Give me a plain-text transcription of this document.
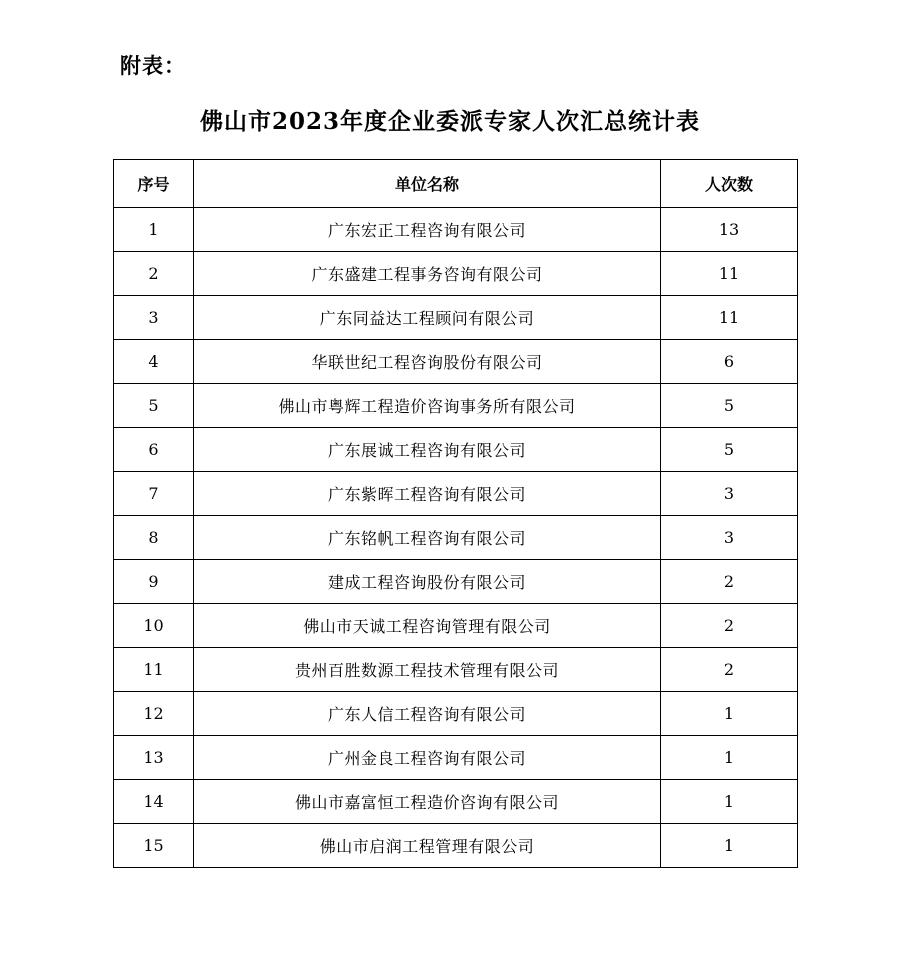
附表：
佛山市2023年度企业委派专家人次汇总统计表
序号	单位名称	人次数
1	广东宏正工程咨询有限公司	13
2	广东盛建工程事务咨询有限公司	11
3	广东同益达工程顾问有限公司	11
4	华联世纪工程咨询股份有限公司	6
5	佛山市粤辉工程造价咨询事务所有限公司	5
6	广东展诚工程咨询有限公司	5
7	广东紫晖工程咨询有限公司	3
8	广东铭帆工程咨询有限公司	3
9	建成工程咨询股份有限公司	2
10	佛山市天诚工程咨询管理有限公司	2
11	贵州百胜数源工程技术管理有限公司	2
12	广东人信工程咨询有限公司	1
13	广州金良工程咨询有限公司	1
14	佛山市嘉富恒工程造价咨询有限公司	1
15	佛山市启润工程管理有限公司	1
